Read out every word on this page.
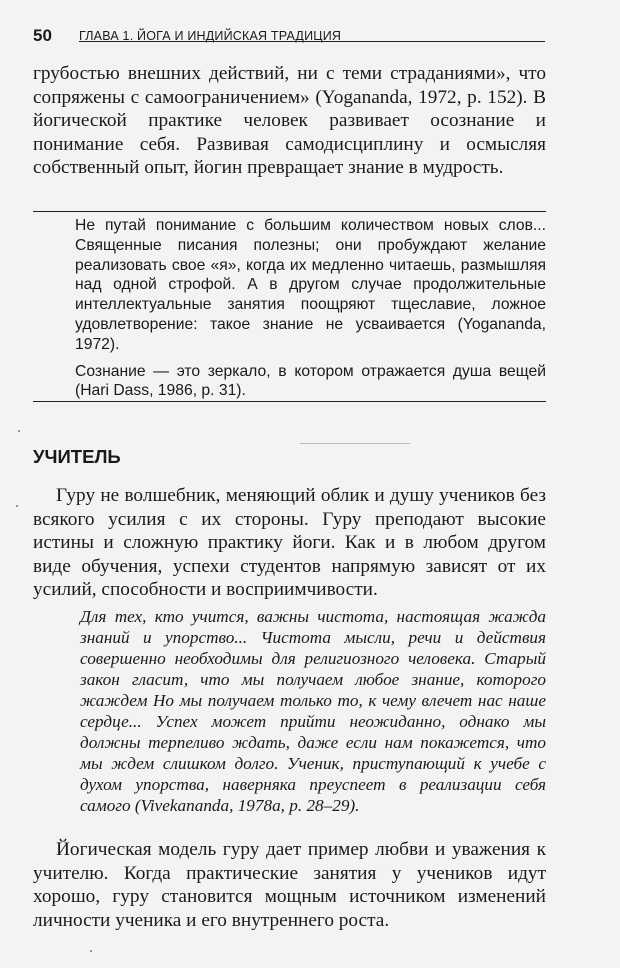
50 ГЛАВА 1. ЙОГА И ИНДИЙСКАЯ ТРАДИЦИЯ

грубостью внешних действий, ни с теми страданиями», что сопряжены с самоограничением» (Yogananda, 1972, p. 152). В йогической практике человек развивает осознание и понимание себя. Развивая самодисциплину и осмысляя собственный опыт, йогин превращает знание в мудрость.

Не путай понимание с большим количеством новых слов... Священные писания полезны; они пробуждают желание реализовать свое «я», когда их медленно читаешь, размышляя над одной строфой. А в другом случае продолжительные интеллектуальные занятия поощряют тщеславие, ложное удовлетворение: такое знание не усваивается (Yogananda, 1972).

Сознание — это зеркало, в котором отражается душа вещей (Hari Dass, 1986, p. 31).

УЧИТЕЛЬ

Гуру не волшебник, меняющий облик и душу учеников без всякого усилия с их стороны. Гуру преподают высокие истины и сложную практику йоги. Как и в любом другом виде обучения, успехи студентов напрямую зависят от их усилий, способности и восприимчивости.

Для тех, кто учится, важны чистота, настоящая жажда знаний и упорство... Чистота мысли, речи и действия совершенно необходимы для религиозного человека. Старый закон гласит, что мы получаем любое знание, которого жаждем Но мы получаем только то, к чему влечет нас наше сердце... Успех может прийти неожиданно, однако мы должны терпеливо ждать, даже если нам покажется, что мы ждем слишком долго. Ученик, приступающий к учебе с духом упорства, наверняка преуспеет в реализации себя самого (Vivekananda, 1978a, p. 28–29).

Йогическая модель гуру дает пример любви и уважения к учителю. Когда практические занятия у учеников идут хорошо, гуру становится мощным источником изменений личности ученика и его внутреннего роста.
